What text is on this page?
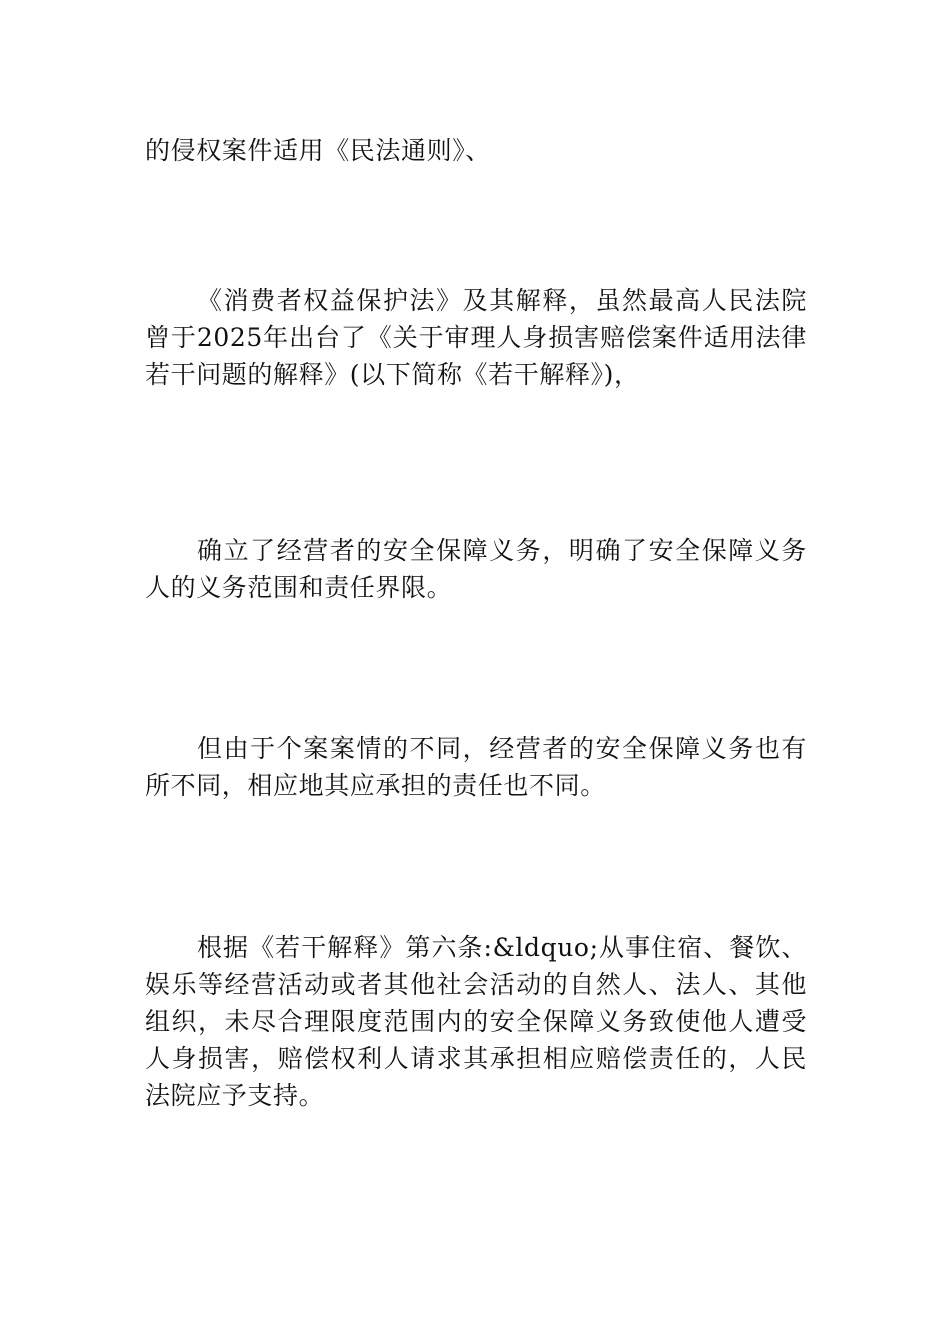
的侵权案件适用《民法通则》、

《消费者权益保护法》及其解释，虽然最高人民法院曾于2025年出台了《关于审理人身损害赔偿案件适用法律若干问题的解释》(以下简称《若干解释》)，

确立了经营者的安全保障义务，明确了安全保障义务人的义务范围和责任界限。

但由于个案案情的不同，经营者的安全保障义务也有所不同，相应地其应承担的责任也不同。

根据《若干解释》第六条:&ldquo;从事住宿、餐饮、娱乐等经营活动或者其他社会活动的自然人、法人、其他组织，未尽合理限度范围内的安全保障义务致使他人遭受人身损害，赔偿权利人请求其承担相应赔偿责任的，人民法院应予支持。
